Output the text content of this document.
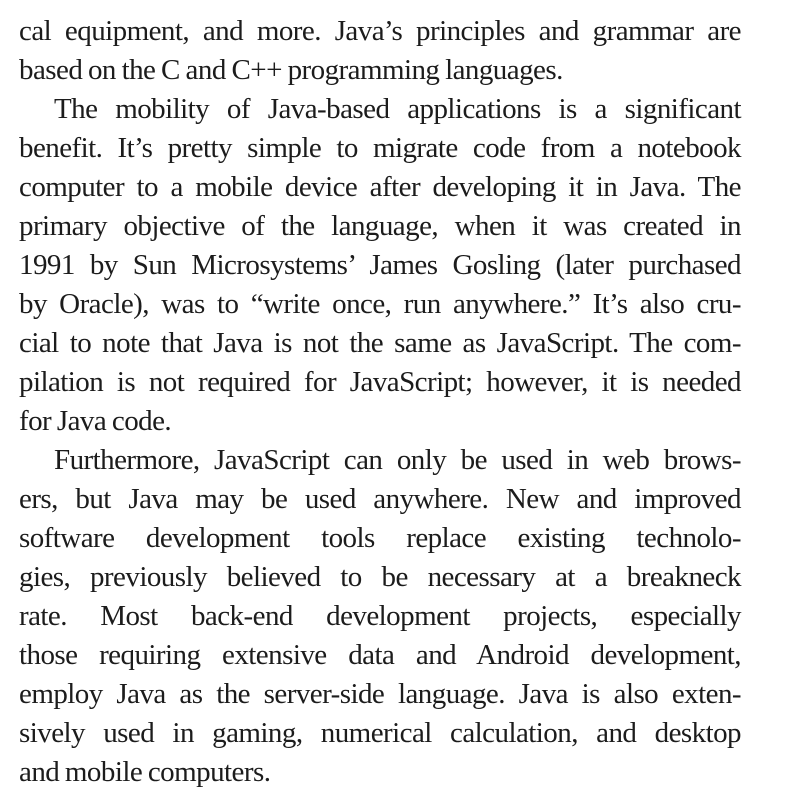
cal equipment, and more. Java’s principles and grammar are
based on the C and C++ programming languages.
The mobility of Java-based applications is a significant
benefit. It’s pretty simple to migrate code from a notebook
computer to a mobile device after developing it in Java. The
primary objective of the language, when it was created in
1991 by Sun Microsystems’ James Gosling (later purchased
by Oracle), was to “write once, run anywhere.” It’s also cru-
cial to note that Java is not the same as JavaScript. The com-
pilation is not required for JavaScript; however, it is needed
for Java code.
Furthermore, JavaScript can only be used in web brows-
ers, but Java may be used anywhere. New and improved
software development tools replace existing technolo-
gies, previously believed to be necessary at a breakneck
rate. Most back-end development projects, especially
those requiring extensive data and Android development,
employ Java as the server-side language. Java is also exten-
sively used in gaming, numerical calculation, and desktop
and mobile computers.
